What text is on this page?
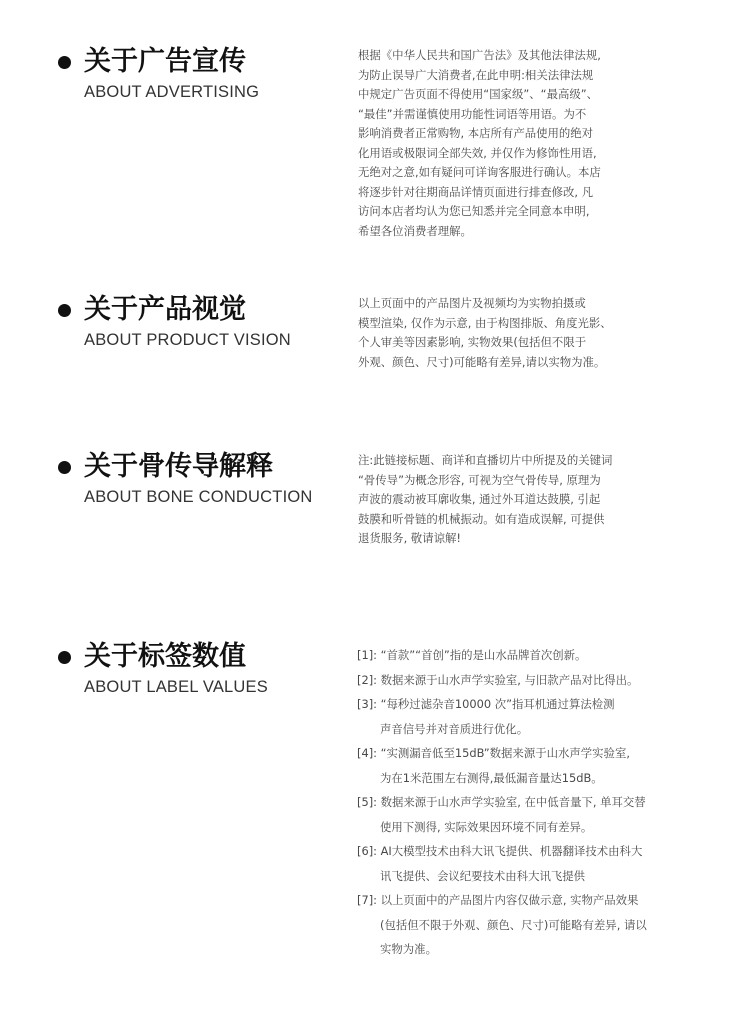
关于广告宣传
ABOUT ADVERTISING

根据《中华人民共和国广告法》及其他法律法规,

为防止误导广大消费者,在此申明:相关法律法规

中规定广告页面不得使用“国家级”、“最高级”、

“最佳”并需谨慎使用功能性词语等用语。为不

影响消费者正常购物, 本店所有产品使用的绝对

化用语或极限词全部失效, 并仅作为修饰性用语,

无绝对之意,如有疑问可详询客服进行确认。本店

将逐步针对往期商品详情页面进行排查修改, 凡

访问本店者均认为您已知悉并完全同意本申明,

希望各位消费者理解。

关于产品视觉
ABOUT PRODUCT VISION

以上页面中的产品图片及视频均为实物拍摄或

模型渲染, 仅作为示意, 由于构图排版、角度光影、

个人审美等因素影响, 实物效果(包括但不限于

外观、颜色、尺寸)可能略有差异,请以实物为准。

关于骨传导解释
ABOUT BONE CONDUCTION

注:此链接标题、商详和直播切片中所提及的关键词

“骨传导”为概念形容, 可视为空气骨传导, 原理为

声波的震动被耳廓收集, 通过外耳道达鼓膜, 引起

鼓膜和听骨链的机械振动。如有造成误解, 可提供

退货服务, 敬请谅解!

关于标签数值
ABOUT LABEL VALUES
[1]: “首款”“首创”指的是山水品牌首次创新。
[2]: 数据来源于山水声学实验室, 与旧款产品对比得出。
[3]: “每秒过滤杂音10000 次”指耳机通过算法检测
声音信号并对音质进行优化。
[4]: “实测漏音低至15dB”数据来源于山水声学实验室,
为在1米范围左右测得,最低漏音量达15dB。
[5]: 数据来源于山水声学实验室, 在中低音量下, 单耳交替
使用下测得, 实际效果因环境不同有差异。
[6]: AI大模型技术由科大讯飞提供、机器翻译技术由科大
讯飞提供、会议纪要技术由科大讯飞提供
[7]: 以上页面中的产品图片内容仅做示意, 实物产品效果
(包括但不限于外观、颜色、尺寸)可能略有差异, 请以
实物为准。
